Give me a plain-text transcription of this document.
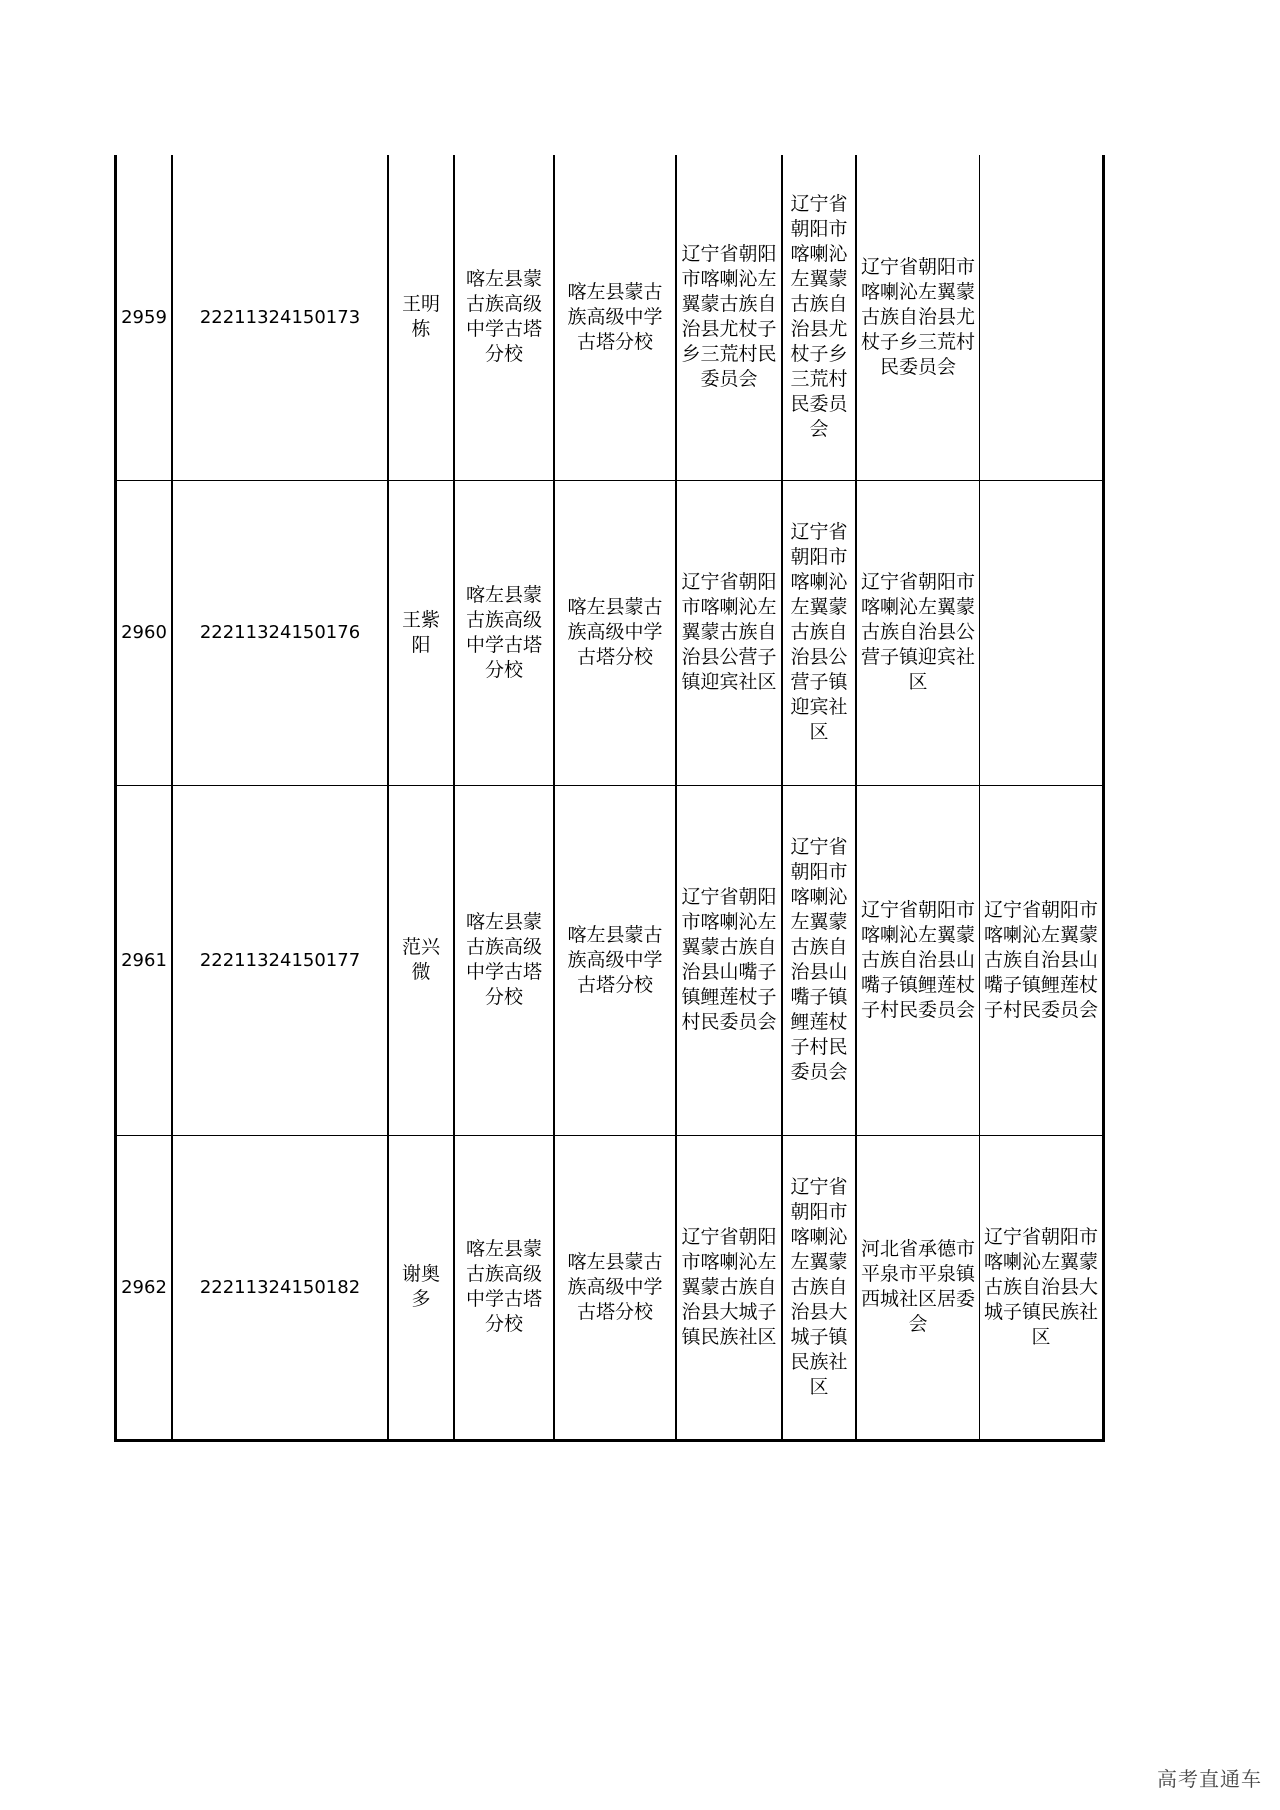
2959	22211324150173	王明栋	喀左县蒙古族高级中学古塔分校	喀左县蒙古族高级中学古塔分校	辽宁省朝阳市喀喇沁左翼蒙古族自治县尤杖子乡三荒村民委员会	辽宁省朝阳市喀喇沁左翼蒙古族自治县尤杖子乡三荒村民委员会	辽宁省朝阳市喀喇沁左翼蒙古族自治县尤杖子乡三荒村民委员会	

2960	22211324150176	王紫阳	喀左县蒙古族高级中学古塔分校	喀左县蒙古族高级中学古塔分校	辽宁省朝阳市喀喇沁左翼蒙古族自治县公营子镇迎宾社区	辽宁省朝阳市喀喇沁左翼蒙古族自治县公营子镇迎宾社区	辽宁省朝阳市喀喇沁左翼蒙古族自治县公营子镇迎宾社区	

2961	22211324150177	范兴微	喀左县蒙古族高级中学古塔分校	喀左县蒙古族高级中学古塔分校	辽宁省朝阳市喀喇沁左翼蒙古族自治县山嘴子镇鲤莲杖子村民委员会	辽宁省朝阳市喀喇沁左翼蒙古族自治县山嘴子镇鲤莲杖子村民委员会	辽宁省朝阳市喀喇沁左翼蒙古族自治县山嘴子镇鲤莲杖子村民委员会	辽宁省朝阳市喀喇沁左翼蒙古族自治县山嘴子镇鲤莲杖子村民委员会

2962	22211324150182	谢奥多	喀左县蒙古族高级中学古塔分校	喀左县蒙古族高级中学古塔分校	辽宁省朝阳市喀喇沁左翼蒙古族自治县大城子镇民族社区	辽宁省朝阳市喀喇沁左翼蒙古族自治县大城子镇民族社区	河北省承德市平泉市平泉镇西城社区居委会	辽宁省朝阳市喀喇沁左翼蒙古族自治县大城子镇民族社区
高考直通车
